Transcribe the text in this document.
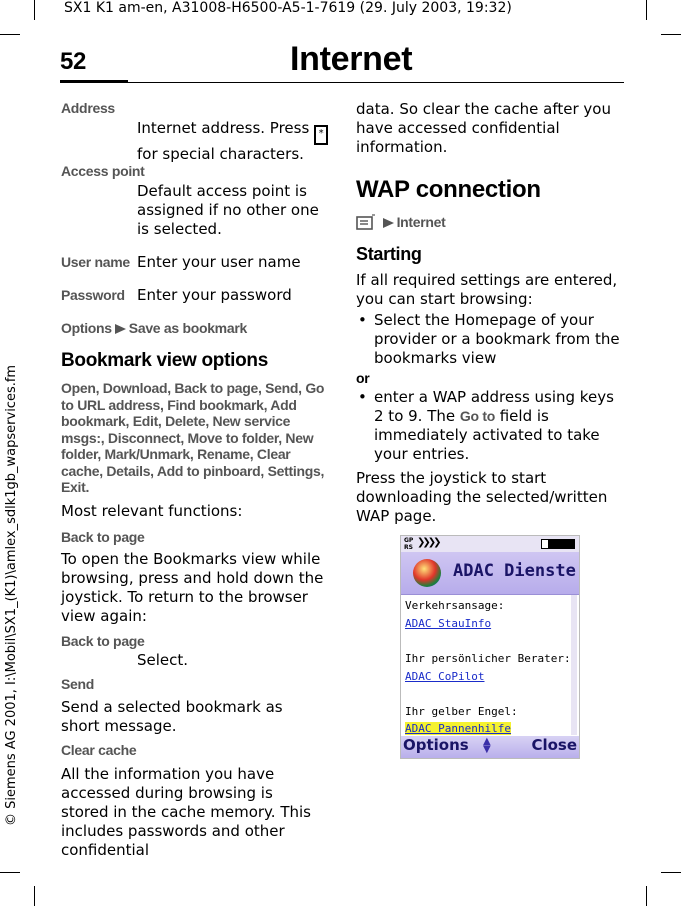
SX1 K1 am-en, A31008-H6500-A5-1-7619 (29. July 2003, 19:32)
52	Internet
© Siemens AG 2001, I:\Mobil\SX1_(K1)\amlex_sdlk1gb_wapservices.fm
Address
Internet address. Press * for special characters.
Access point
Default access point is assigned if no other one is selected.
User name Enter your user name
Password Enter your password
Options Save as bookmark
Bookmark view options
Open, Download, Back to page, Send, Go to URL address, Find bookmark, Add bookmark, Edit, Delete, New service msgs:, Disconnect, Move to folder, New folder, Mark/Unmark, Rename, Clear cache, Details, Add to pinboard, Settings, Exit.
Most relevant functions:
Back to page
To open the Bookmarks view while browsing, press and hold down the joystick. To return to the browser view again:
Back to page
Select.
Send
Send a selected bookmark as short message.
Clear cache
All the information you have accessed during browsing is stored in the cache memory. This includes passwords and other confidential
data. So clear the cache after you have accessed confidential information.
WAP connection
Internet
Starting
If all required settings are entered, you can start browsing:
• Select the Homepage of your provider or a bookmark from the bookmarks view
or
• enter a WAP address using keys 2 to 9. The Go to field is immediately activated to take your entries.
Press the joystick to start downloading the selected/written WAP page.
GPRS ❯❯❯❯
ADAC Dienste
Verkehrsansage:
ADAC StauInfo
Ihr persönlicher Berater:
ADAC CoPilot
Ihr gelber Engel:
ADAC Pannenhilfe
Options ▲
▼	Close
